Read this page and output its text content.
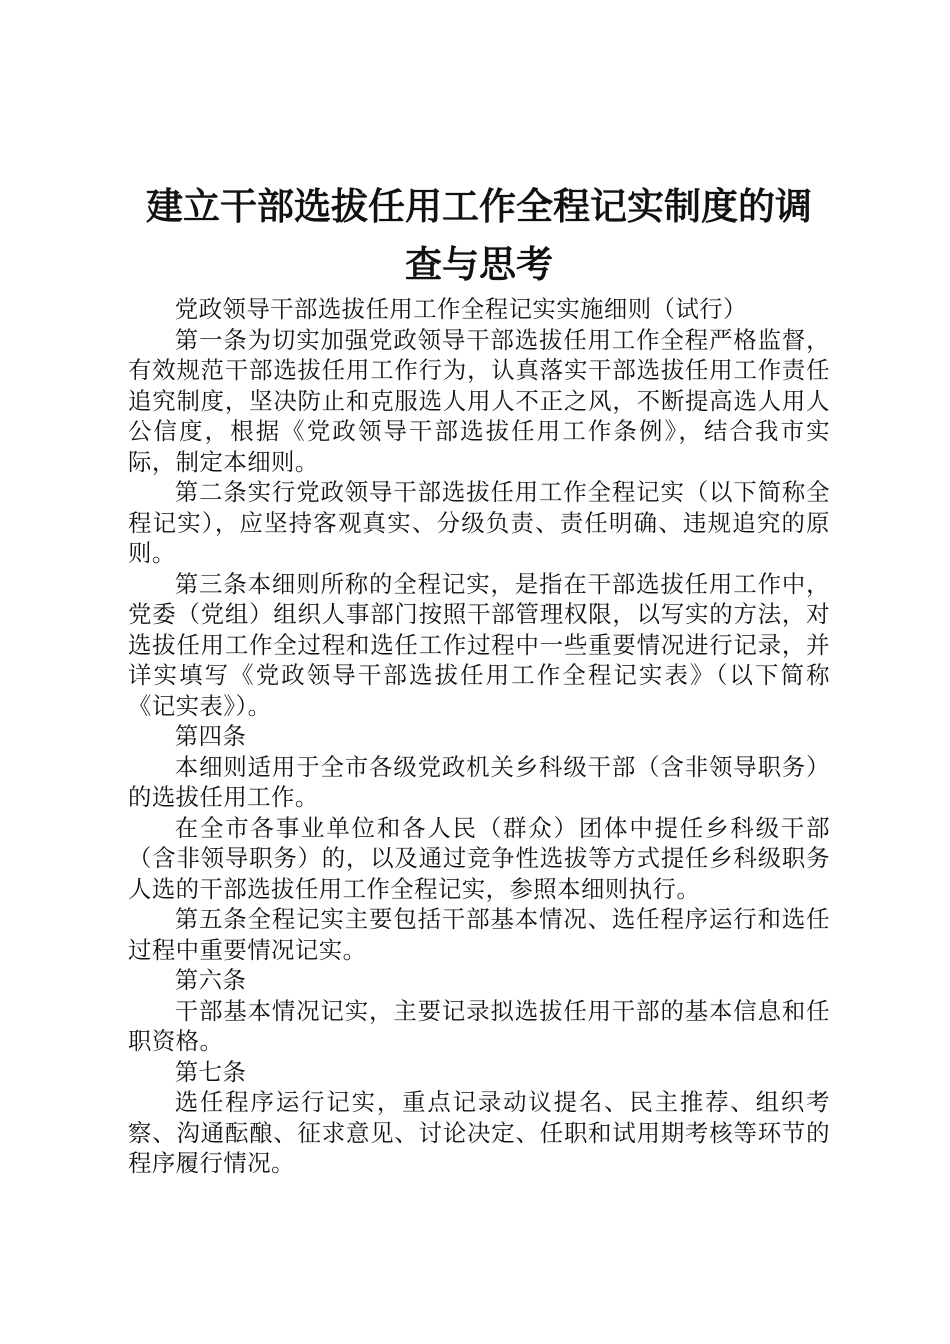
建立干部选拔任用工作全程记实制度的调查与思考

党政领导干部选拔任用工作全程记实实施细则（试行）

第一条为切实加强党政领导干部选拔任用工作全程严格监督，有效规范干部选拔任用工作行为，认真落实干部选拔任用工作责任追究制度，坚决防止和克服选人用人不正之风，不断提高选人用人公信度，根据《党政领导干部选拔任用工作条例》，结合我市实际，制定本细则。

第二条实行党政领导干部选拔任用工作全程记实（以下简称全程记实），应坚持客观真实、分级负责、责任明确、违规追究的原则。

第三条本细则所称的全程记实，是指在干部选拔任用工作中，党委（党组）组织人事部门按照干部管理权限，以写实的方法，对选拔任用工作全过程和选任工作过程中一些重要情况进行记录，并详实填写《党政领导干部选拔任用工作全程记实表》（以下简称《记实表》）。

第四条

本细则适用于全市各级党政机关乡科级干部（含非领导职务）的选拔任用工作。

在全市各事业单位和各人民（群众）团体中提任乡科级干部（含非领导职务）的，以及通过竞争性选拔等方式提任乡科级职务人选的干部选拔任用工作全程记实，参照本细则执行。

第五条全程记实主要包括干部基本情况、选任程序运行和选任过程中重要情况记实。

第六条

干部基本情况记实，主要记录拟选拔任用干部的基本信息和任职资格。

第七条

选任程序运行记实，重点记录动议提名、民主推荐、组织考察、沟通酝酿、征求意见、讨论决定、任职和试用期考核等环节的程序履行情况。
